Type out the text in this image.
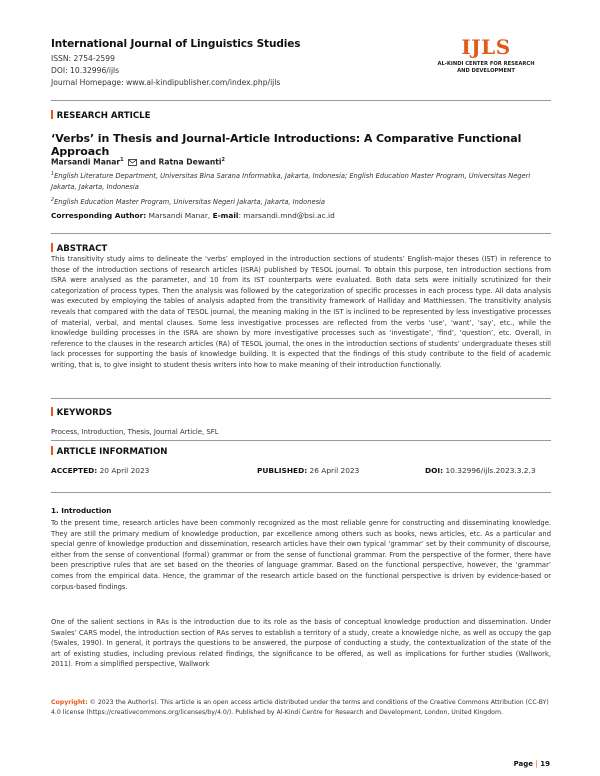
International Journal of Linguistics Studies
ISSN: 2754-2599
DOI: 10.32996/ijls
Journal Homepage: www.al-kindipublisher.com/index.php/ijls
IJLS
AL-KINDI CENTER FOR RESEARCH
AND DEVELOPMENT
RESEARCH ARTICLE
‘Verbs’ in Thesis and Journal-Article Introductions: A Comparative Functional Approach
Marsandi Manar$^1$  and Ratna Dewanti$^2$
$^1$English Literature Department, Universitas Bina Sarana Informatika, Jakarta, Indonesia; English Education Master Program, Universitas Negeri Jakarta, Jakarta, Indonesia
$^2$English Education Master Program, Universitas Negeri Jakarta, Jakarta, Indonesia
Corresponding Author: Marsandi Manar, E-mail: marsandi.mnd@bsi.ac.id
ABSTRACT
This transitivity study aims to delineate the ‘verbs’ employed in the introduction sections of students’ English-major theses (IST) in reference to those of the introduction sections of research articles (ISRA) published by TESOL journal. To obtain this purpose, ten introduction sections from ISRA were analysed as the parameter, and 10 from its IST counterparts were evaluated. Both data sets were initially scrutinized for their categorization of process types. Then the analysis was followed by the categorization of specific processes in each process type. All data analysis was executed by employing the tables of analysis adapted from the transitivity framework of Halliday and Matthiessen. The transitivity analysis reveals that compared with the data of TESOL journal, the meaning making in the IST is inclined to be represented by less investigative processes of material, verbal, and mental clauses. Some less investigative processes are reflected from the verbs ‘use’, ‘want’, ‘say’, etc., while the knowledge building processes in the ISRA are shown by more investigative processes such as ‘investigate’, ‘find’, ‘question’, etc. Overall, in reference to the clauses in the research articles (RA) of TESOL journal, the ones in the introduction sections of students’ undergraduate theses still lack processes for supporting the basis of knowledge building. It is expected that the findings of this study contribute to the field of academic writing, that is, to give insight to student thesis writers into how to make meaning of their introduction functionally.
KEYWORDS
Process, Introduction, Thesis, Journal Article, SFL
ARTICLE INFORMATION
ACCEPTED: 20 April 2023	PUBLISHED: 26 April 2023	DOI: 10.32996/ijls.2023.3.2.3
1. Introduction
To the present time, research articles have been commonly recognized as the most reliable genre for constructing and disseminating knowledge. They are still the primary medium of knowledge production, par excellence among others such as books, news articles, etc. As a particular and special genre of knowledge production and dissemination, research articles have their own typical ‘grammar’ set by their community of discourse, either from the sense of conventional (formal) grammar or from the sense of functional grammar. From the perspective of the former, there have been prescriptive rules that are set based on the theories of language grammar. Based on the functional perspective, however, the ‘grammar’ comes from the empirical data. Hence, the grammar of the research article based on the functional perspective is driven by evidence-based or corpus-based findings.
One of the salient sections in RAs is the introduction due to its role as the basis of conceptual knowledge production and dissemination. Under Swales’ CARS model, the introduction section of RAs serves to establish a territory of a study, create a knowledge niche, as well as occupy the gap (Swales, 1990). In general, it portrays the questions to be answered, the purpose of conducting a study, the contextualization of the state of the art of existing studies, including previous related findings, the significance to be offered, as well as implications for further studies (Wallwork, 2011). From a simplified perspective, Wallwork
Copyright: © 2023 the Author(s). This article is an open access article distributed under the terms and conditions of the Creative Commons Attribution (CC-BY) 4.0 license (https://creativecommons.org/licenses/by/4.0/). Published by Al-Kindi Centre for Research and Development, London, United Kingdom.
Page | 19
